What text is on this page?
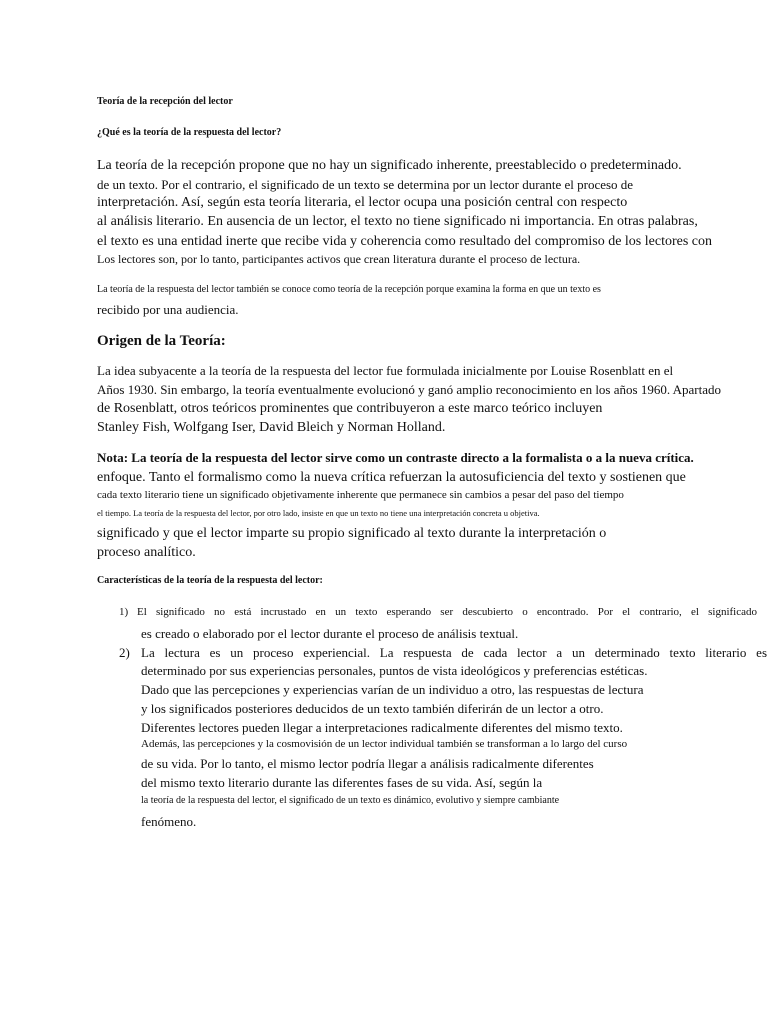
Teoría de la recepción del lector
¿Qué es la teoría de la respuesta del lector?
La teoría de la recepción propone que no hay un significado inherente, preestablecido o predeterminado.
de un texto. Por el contrario, el significado de un texto se determina por un lector durante el proceso de
interpretación. Así, según esta teoría literaria, el lector ocupa una posición central con respecto
al análisis literario. En ausencia de un lector, el texto no tiene significado ni importancia. En otras palabras,
el texto es una entidad inerte que recibe vida y coherencia como resultado del compromiso de los lectores con
Los lectores son, por lo tanto, participantes activos que crean literatura durante el proceso de lectura.
La teoría de la respuesta del lector también se conoce como teoría de la recepción porque examina la forma en que un texto es
recibido por una audiencia.
Origen de la Teoría:
La idea subyacente a la teoría de la respuesta del lector fue formulada inicialmente por Louise Rosenblatt en el
Años 1930. Sin embargo, la teoría eventualmente evolucionó y ganó amplio reconocimiento en los años 1960. Apartado
de Rosenblatt, otros teóricos prominentes que contribuyeron a este marco teórico incluyen
Stanley Fish, Wolfgang Iser, David Bleich y Norman Holland.
Nota: La teoría de la respuesta del lector sirve como un contraste directo a la formalista o a la nueva crítica.
enfoque. Tanto el formalismo como la nueva crítica refuerzan la autosuficiencia del texto y sostienen que
cada texto literario tiene un significado objetivamente inherente que permanece sin cambios a pesar del paso del tiempo
el tiempo. La teoría de la respuesta del lector, por otro lado, insiste en que un texto no tiene una interpretación concreta u objetiva.
significado y que el lector imparte su propio significado al texto durante la interpretación o
proceso analítico.
Características de la teoría de la respuesta del lector:
1) El significado no está incrustado en un texto esperando ser descubierto o encontrado. Por el contrario, el significado
es creado o elaborado por el lector durante el proceso de análisis textual.
2) La lectura es un proceso experiencial. La respuesta de cada lector a un determinado texto literario es
determinado por sus experiencias personales, puntos de vista ideológicos y preferencias estéticas.
Dado que las percepciones y experiencias varían de un individuo a otro, las respuestas de lectura
y los significados posteriores deducidos de un texto también diferirán de un lector a otro.
Diferentes lectores pueden llegar a interpretaciones radicalmente diferentes del mismo texto.
Además, las percepciones y la cosmovisión de un lector individual también se transforman a lo largo del curso
de su vida. Por lo tanto, el mismo lector podría llegar a análisis radicalmente diferentes
del mismo texto literario durante las diferentes fases de su vida. Así, según la
la teoría de la respuesta del lector, el significado de un texto es dinámico, evolutivo y siempre cambiante
fenómeno.
